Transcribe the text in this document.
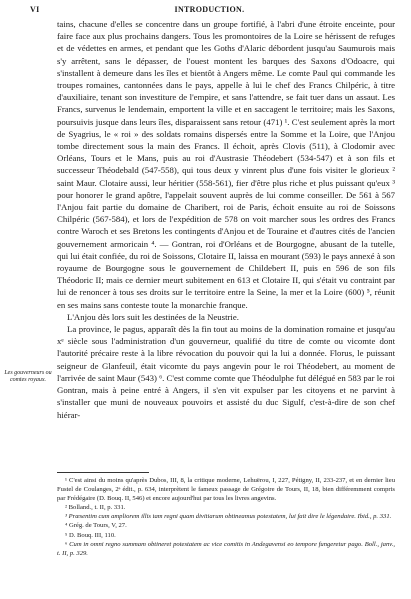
VI	INTRODUCTION.

tains, chacune d'elles se concentre dans un groupe fortifié, à l'abri d'une étroite enceinte, pour faire face aux plus prochains dangers. Tous les promontoires de la Loire se hérissent de refuges et de védettes en armes, et pendant que les Goths d'Alaric débordent jusqu'au Saumurois mais s'y arrêtent, sans le dépasser, de l'ouest montent les barques des Saxons d'Odoacre, qui s'installent à demeure dans les îles et bientôt à Angers même. Le comte Paul qui commande les troupes romaines, cantonnées dans le pays, appelle à lui le chef des Francs Chilpéric, à titre d'auxiliaire, tenant son investiture de l'empire, et sans l'attendre, se fait tuer dans un assaut. Les Francs, survenus le lendemain, emportent la ville et en saccagent le territoire; mais les Saxons, poursuivis jusque dans leurs îles, disparaissent sans retour (471) ¹. C'est seulement après la mort de Syagrius, le « roi » des soldats romains dispersés entre la Somme et la Loire, que l'Anjou tombe directement sous la main des Francs. Il échoit, après Clovis (511), à Clodomir avec Orléans, Tours et le Mans, puis au roi d'Austrasie Théodebert (534-547) et à son fils et successeur Théodebald (547-558), qui tous deux y vinrent plus d'une fois visiter le glorieux ² saint Maur. Clotaire aussi, leur héritier (558-561), fier d'être plus riche et plus puissant qu'eux ³ pour honorer le grand apôtre, l'appelait souvent auprès de lui comme conseiller. De 561 à 567 l'Anjou fait partie du domaine de Charibert, roi de Paris, échoit ensuite au roi de Soissons Chilpéric (567-584), et lors de l'expédition de 578 on voit marcher sous les ordres des Francs contre Waroch et ses Bretons les contingents d'Anjou et de Touraine et d'autres cités de l'ancien gouvernement armoricain ⁴. — Gontran, roi d'Orléans et de Bourgogne, abusant de la tutelle, qui lui était confiée, du roi de Soissons, Clotaire II, laissa en mourant (593) le pays annexé à son royaume de Bourgogne sous le gouvernement de Childebert II, puis en 596 de son fils Théodoric II; mais ce dernier meurt subitement en 613 et Clotaire II, qui s'était vu contraint par lui de renoncer à tous ses droits sur le territoire entre la Seine, la mer et la Loire (600) ⁵, réunit en ses mains sans conteste toute la monarchie franque.

L'Anjou dès lors suit les destinées de la Neustrie.

La province, le pagus, apparaît dès la fin tout au moins de la domination romaine et jusqu'au xᵉ siècle sous l'administration d'un gouverneur, qualifié du titre de comte ou vicomte dont l'autorité précaire reste à la libre révocation du pouvoir qui la lui a donnée. Florus, le puissant seigneur de Glanfeuil, était vicomte du pays angevin pour le roi Théodebert, au moment de l'arrivée de saint Maur (543) ⁶. C'est comme comte que Théodulphe fut délégué en 583 par le roi Gontran, mais à peine entré à Angers, il s'en vit expulser par les citoyens et ne parvint à s'installer que muni de nouveaux pouvoirs et assisté du duc Sigulf, c'est-à-dire de son chef hiérar-

Les gouverneurs ou comtes royaux.

¹ C'est ainsi du moins qu'après Dubos, III, 8, la critique moderne, Lehuërou, I, 227, Pétigny, II, 233-237, et en dernier lieu Fustel de Coulanges, 2ᵉ édit., p. 634, interprètent le fameux passage de Grégoire de Tours, II, 18, bien différemment compris par Frédégaire (D. Bouq. II, 546) et encore aujourd'hui par tous les livres angevins.

² Bolland., t. II, p. 331.

³ Præsentim cum ampliorem illis tam regni quam divitiarum obtineamus potestatem, lui fait dire le légendaire. Ibid., p. 331.

⁴ Grég. de Tours, V, 27.

⁵ D. Bouq. III, 110.

⁶ Cum in omni regno summam obtineret potestatem ac vice comitis in Andegavensi eo tempore fungeretur pago. Boll., janv., t. II, p. 329.
